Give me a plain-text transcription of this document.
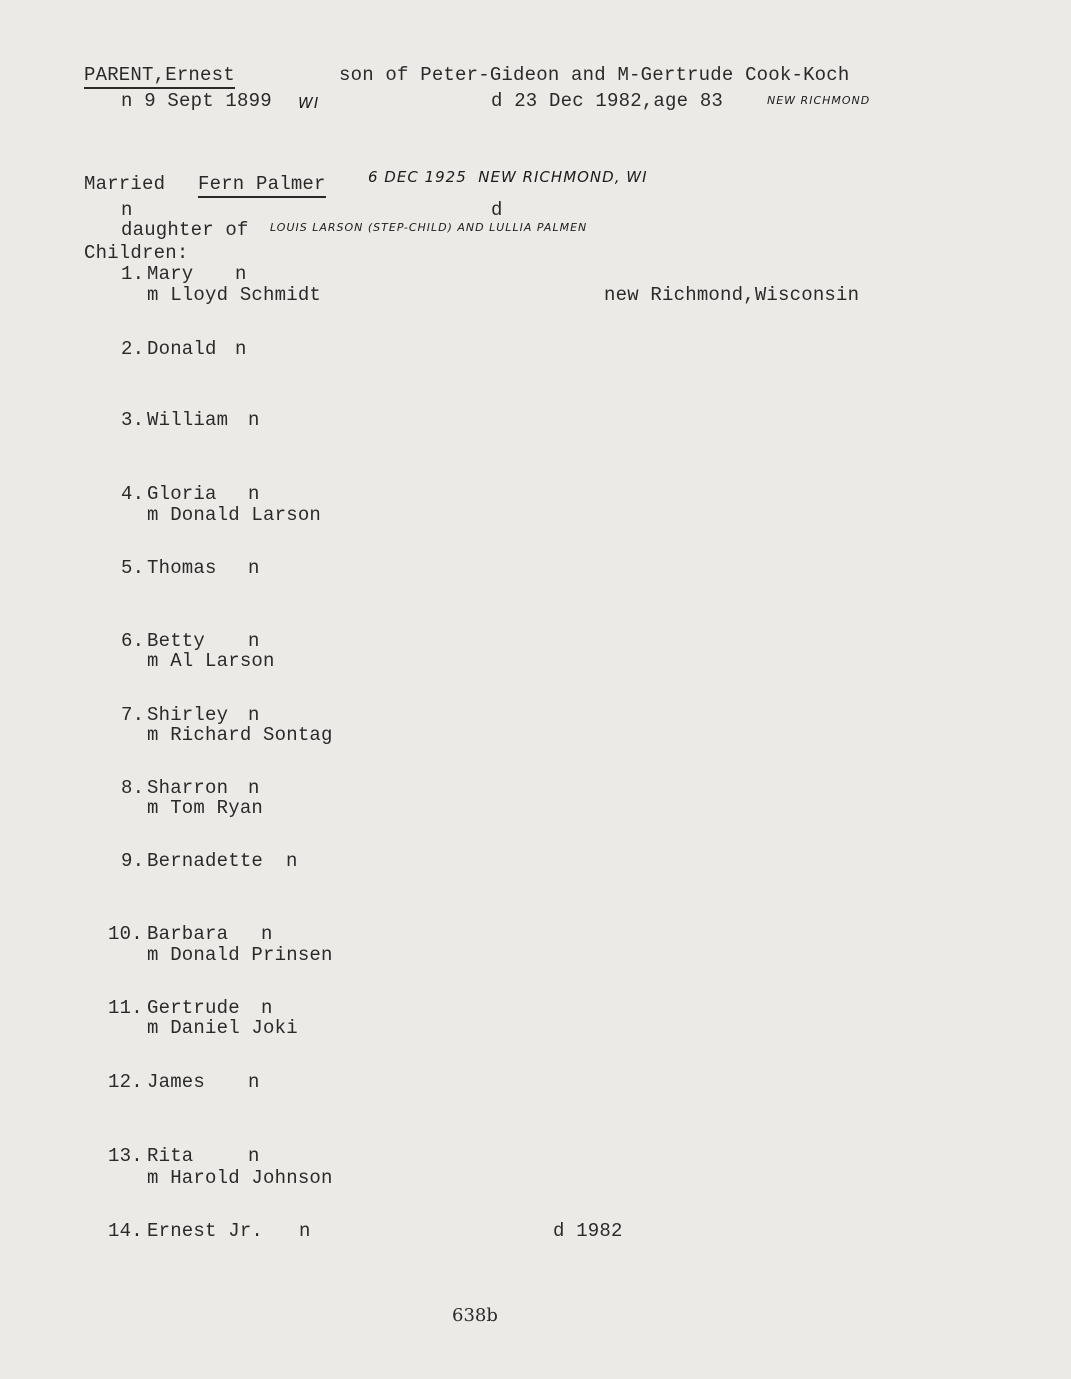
PARENT,Ernest	son of Peter-Gideon and M-Gertrude Cook-Koch
n 9 Sept 1899 WI	d 23 Dec 1982,age 83	NEW RICHMOND
Married Fern Palmer	6 DEC 1925  NEW RICHMOND, WI
n	d
daughter of LOUIS LARSON (STEP-CHILD) AND LULLIA PALMEN
Children:
1. Mary n
m Lloyd Schmidt	new Richmond,Wisconsin
2. Donald n
3. William n
4. Gloria n
m Donald Larson
5. Thomas n
6. Betty n
m Al Larson
7. Shirley n
m Richard Sontag
8. Sharron n
m Tom Ryan
9. Bernadette n
10. Barbara n
m Donald Prinsen
11. Gertrude n
m Daniel Joki
12. James n
13. Rita	n
m Harold Johnson
14. Ernest Jr. n	d 1982
638b
